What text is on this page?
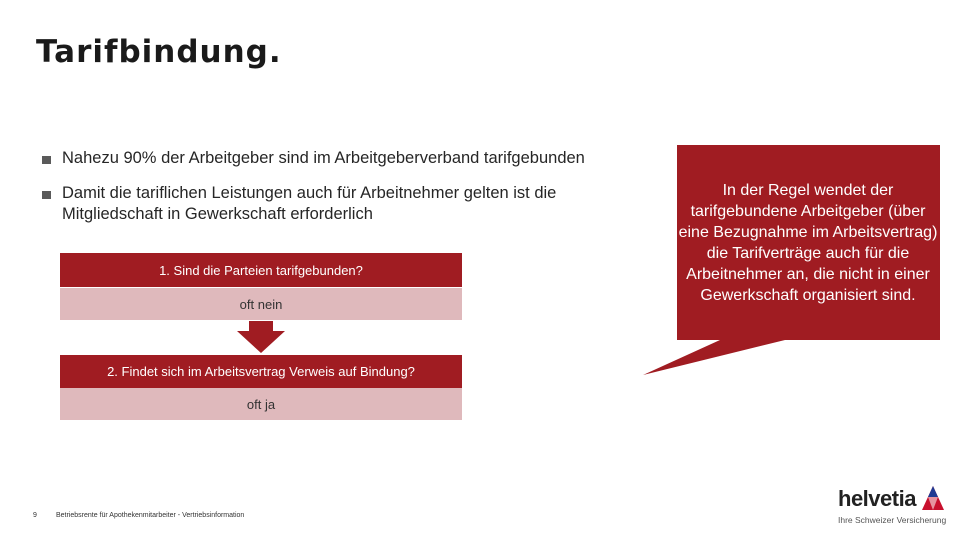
Tarifbindung.
Nahezu 90% der Arbeitgeber sind im Arbeitgeberverband tarifgebunden
Damit die tariflichen Leistungen auch für Arbeitnehmer gelten ist die Mitgliedschaft in Gewerkschaft erforderlich
1. Sind die Parteien tarifgebunden?
oft nein
2. Findet sich im Arbeitsvertrag Verweis auf Bindung?
oft ja
In der Regel wendet der tarifgebundene Arbeitgeber (über eine Bezugnahme im Arbeitsvertrag) die Tarifverträge auch für die Arbeitnehmer an, die nicht in einer Gewerkschaft organisiert sind.
9	Betriebsrente für Apothekenmitarbeiter - Vertriebsinformation
helvetia
Ihre Schweizer Versicherung
